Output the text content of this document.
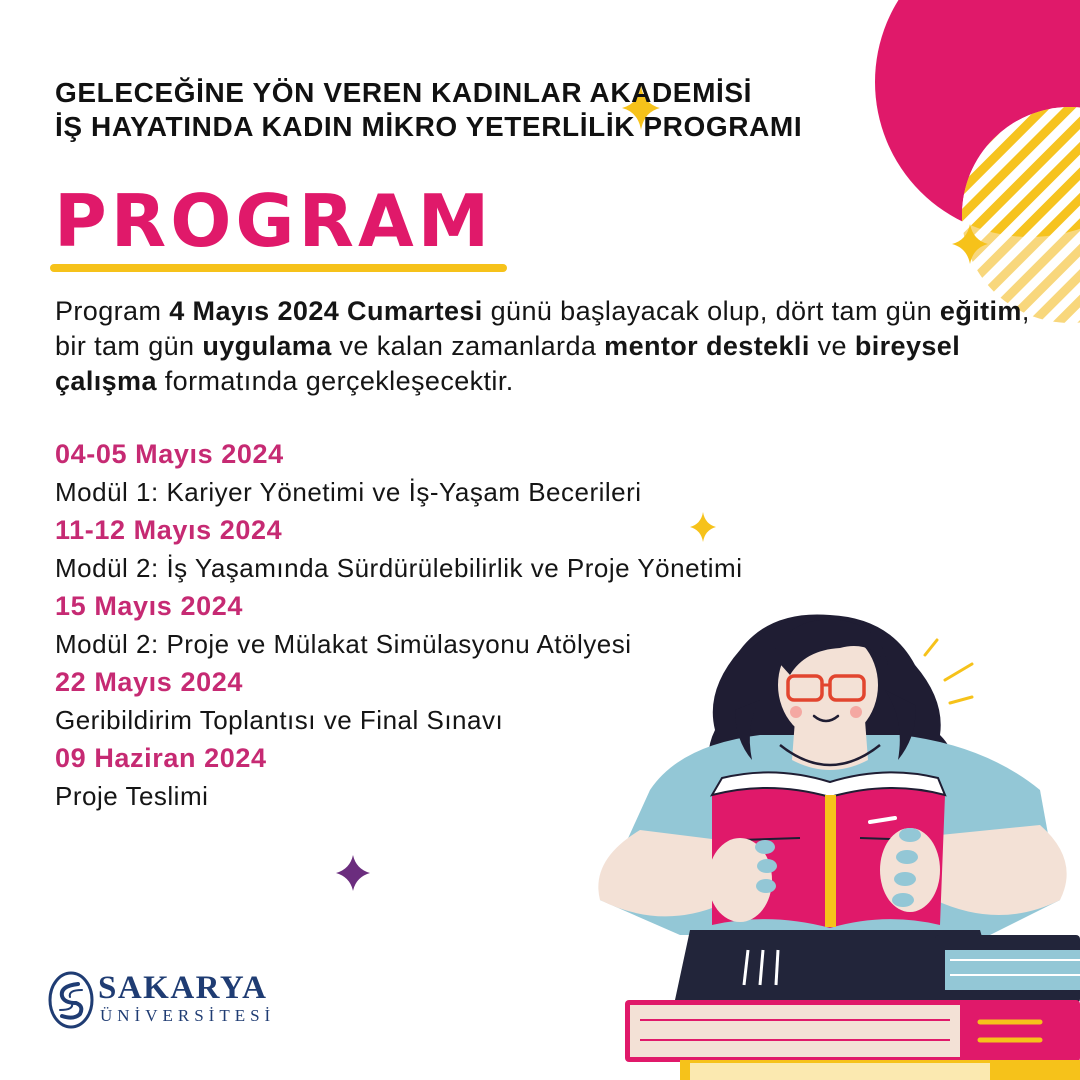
GELECEĞİNE YÖN VEREN KADINLAR AKADEMİSİ
İŞ HAYATINDA KADIN MİKRO YETERLİLİK PROGRAMI
PROGRAM
Program 4 Mayıs 2024 Cumartesi günü başlayacak olup, dört tam gün eğitim, bir tam gün uygulama ve kalan zamanlarda mentor destekli ve bireysel çalışma formatında gerçekleşecektir.
04-05 Mayıs 2024
Modül 1: Kariyer Yönetimi ve İş-Yaşam Becerileri
11-12 Mayıs 2024
Modül 2: İş Yaşamında Sürdürülebilirlik ve Proje Yönetimi
15 Mayıs 2024
Modül 2: Proje ve Mülakat Simülasyonu Atölyesi
22 Mayıs 2024
Geribildirim Toplantısı ve Final Sınavı
09 Haziran 2024
Proje Teslimi
SAKARYA
ÜNİVERSİTESİ
